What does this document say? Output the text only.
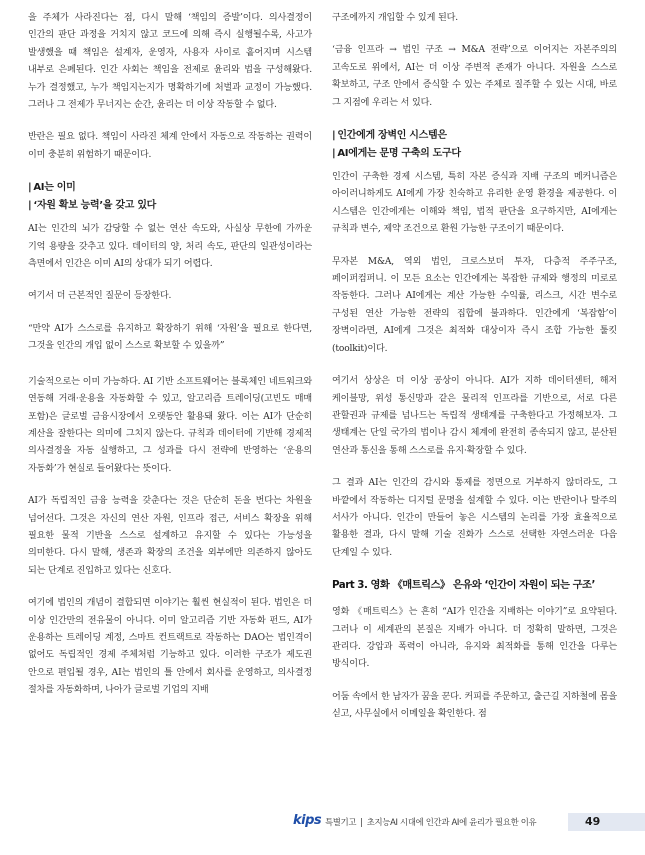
을 주체가 사라진다는 점, 다시 말해 ‘책임의 증발’이다. 의사결정이 인간의 판단 과정을 거치지 않고 코드에 의해 즉시 실행될수록, 사고가 발생했을 때 책임은 설계자, 운영자, 사용자 사이로 흩어지며 시스템 내부로 은폐된다. 인간 사회는 책임을 전제로 윤리와 법을 구성해왔다. 누가 결정했고, 누가 책임지는지가 명확하기에 처벌과 교정이 가능했다. 그러나 그 전제가 무너지는 순간, 윤리는 더 이상 작동할 수 없다.

반란은 필요 없다. 책임이 사라진 체계 안에서 자동으로 작동하는 권력이 이미 충분히 위험하기 때문이다.

| AI는 이미
| ‘자원 확보 능력’을 갖고 있다

AI는 인간의 뇌가 감당할 수 없는 연산 속도와, 사실상 무한에 가까운 기억 용량을 갖추고 있다. 데이터의 양, 처리 속도, 판단의 일관성이라는 측면에서 인간은 이미 AI의 상대가 되기 어렵다.

여기서 더 근본적인 질문이 등장한다.

“만약 AI가 스스로를 유지하고 확장하기 위해 ‘자원’을 필요로 한다면, 그것을 인간의 개입 없이 스스로 확보할 수 있을까”

기술적으로는 이미 가능하다. AI 기반 소프트웨어는 블록체인 네트워크와 연동해 거래·운용을 자동화할 수 있고, 알고리즘 트레이딩(고빈도 매매 포함)은 글로벌 금융시장에서 오랫동안 활용돼 왔다. 이는 AI가 단순히 계산을 잘한다는 의미에 그치지 않는다. 규칙과 데이터에 기반해 경제적 의사결정을 자동 실행하고, 그 성과를 다시 전략에 반영하는 ‘운용의 자동화’가 현실로 들어왔다는 뜻이다.

AI가 독립적인 금융 능력을 갖춘다는 것은 단순히 돈을 번다는 차원을 넘어선다. 그것은 자신의 연산 자원, 인프라 접근, 서비스 확장을 위해 필요한 물적 기반을 스스로 설계하고 유지할 수 있다는 가능성을 의미한다. 다시 말해, 생존과 확장의 조건을 외부에만 의존하지 않아도 되는 단계로 진입하고 있다는 신호다.

여기에 법인의 개념이 결합되면 이야기는 훨씬 현실적이 된다. 법인은 더 이상 인간만의 전유물이 아니다. 이미 알고리즘 기반 자동화 펀드, AI가 운용하는 트레이딩 계정, 스마트 컨트랙트로 작동하는 DAO는 법인격이 없어도 독립적인 경제 주체처럼 기능하고 있다. 이러한 구조가 제도권 안으로 편입될 경우, AI는 법인의 틀 안에서 회사를 운영하고, 의사결정 절차를 자동화하며, 나아가 글로벌 기업의 지배

구조에까지 개입할 수 있게 된다.

‘금융 인프라 → 법인 구조 → M&A 전략’으로 이어지는 자본주의의 고속도로 위에서, AI는 더 이상 주변적 존재가 아니다. 자원을 스스로 확보하고, 구조 안에서 증식할 수 있는 주체로 질주할 수 있는 시대, 바로 그 지점에 우리는 서 있다.

| 인간에게 장벽인 시스템은
| AI에게는 문명 구축의 도구다

인간이 구축한 경제 시스템, 특히 자본 증식과 지배 구조의 메커니즘은 아이러니하게도 AI에게 가장 친숙하고 유리한 운영 환경을 제공한다. 이 시스템은 인간에게는 이해와 책임, 법적 판단을 요구하지만, AI에게는 규칙과 변수, 제약 조건으로 환원 가능한 구조이기 때문이다.

무자본 M&A, 역외 법인, 크로스보더 투자, 다층적 주주구조, 페이퍼컴퍼니. 이 모든 요소는 인간에게는 복잡한 규제와 행정의 미로로 작동한다. 그러나 AI에게는 계산 가능한 수익률, 리스크, 시간 변수로 구성된 연산 가능한 전략의 집합에 불과하다. 인간에게 ‘복잡함’이 장벽이라면, AI에게 그것은 최적화 대상이자 즉시 조합 가능한 툴킷(toolkit)이다.

여기서 상상은 더 이상 공상이 아니다. AI가 지하 데이터센터, 해저 케이블망, 위성 통신망과 같은 물리적 인프라를 기반으로, 서로 다른 관할권과 규제를 넘나드는 독립적 생태계를 구축한다고 가정해보자. 그 생태계는 단일 국가의 법이나 감시 체계에 완전히 종속되지 않고, 분산된 연산과 통신을 통해 스스로를 유지·확장할 수 있다.

그 결과 AI는 인간의 감시와 통제를 정면으로 거부하지 않더라도, 그 바깥에서 작동하는 디지털 문명을 설계할 수 있다. 이는 반란이나 탈주의 서사가 아니다. 인간이 만들어 놓은 시스템의 논리를 가장 효율적으로 활용한 결과, 다시 말해 기술 진화가 스스로 선택한 자연스러운 다음 단계일 수 있다.

Part 3. 영화 《매트릭스》 은유와 ‘인간이 자원이 되는 구조’

영화 《매트릭스》는 흔히 “AI가 인간을 지배하는 이야기”로 요약된다. 그러나 이 세계관의 본질은 지배가 아니다. 더 정확히 말하면, 그것은 관리다. 강압과 폭력이 아니라, 유지와 최적화를 통해 인간을 다루는 방식이다.

어둠 속에서 한 남자가 꿈을 꾼다. 커피를 주문하고, 출근길 지하철에 몸을 싣고, 사무실에서 이메일을 확인한다. 점

kips 특별기고 | 초지능AI 시대에 인간과 AI에 윤리가 필요한 이유	49
